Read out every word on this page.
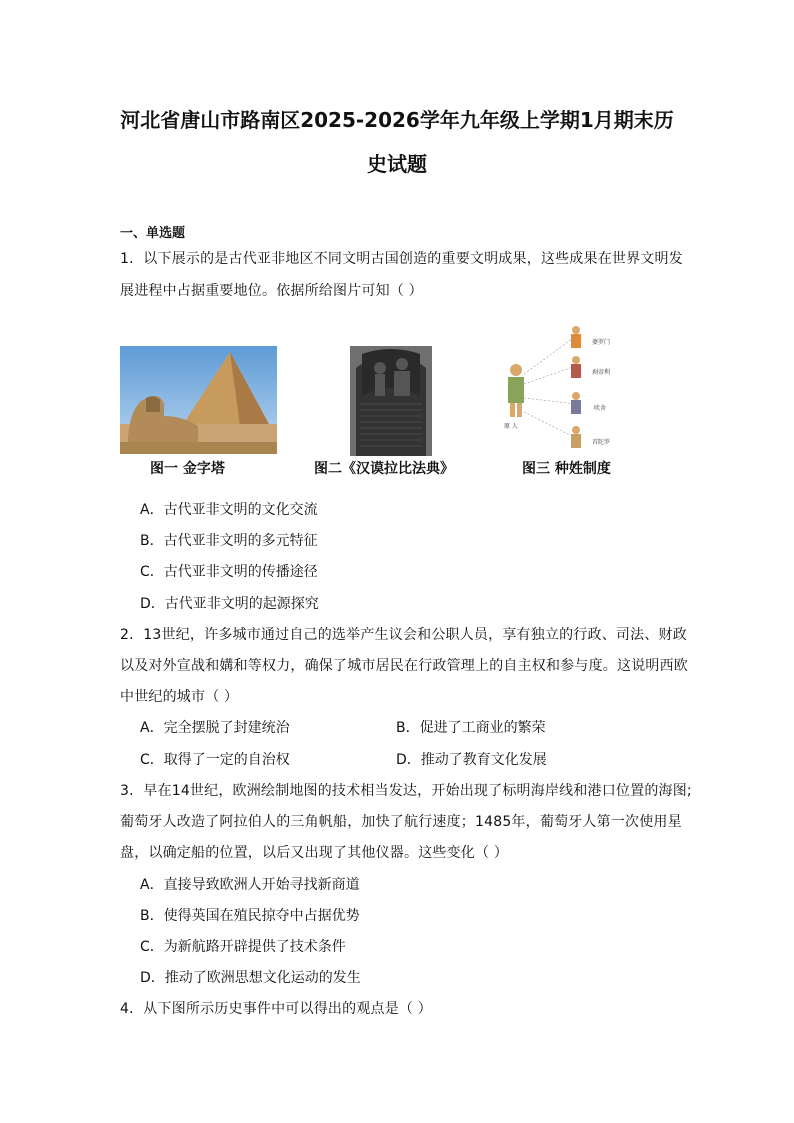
河北省唐山市路南区2025-2026学年九年级上学期1月期末历
史试题
一、单选题
1．以下展示的是古代亚非地区不同文明古国创造的重要文明成果，这些成果在世界文明发
展进程中占据重要地位。依据所给图片可知（ ）
婆罗门
刹帝利
吠舍
首陀罗
原 人
图一 金字塔	图二《汉谟拉比法典》	图三 种姓制度
A．古代亚非文明的文化交流
B．古代亚非文明的多元特征
C．古代亚非文明的传播途径
D．古代亚非文明的起源探究
2．13世纪，许多城市通过自己的选举产生议会和公职人员，享有独立的行政、司法、财政
以及对外宣战和媾和等权力，确保了城市居民在行政管理上的自主权和参与度。这说明西欧
中世纪的城市（ ）
A．完全摆脱了封建统治	B．促进了工商业的繁荣
C．取得了一定的自治权	D．推动了教育文化发展
3．早在14世纪，欧洲绘制地图的技术相当发达，开始出现了标明海岸线和港口位置的海图;
葡萄牙人改造了阿拉伯人的三角帆船，加快了航行速度；1485年，葡萄牙人第一次使用星
盘，以确定船的位置，以后又出现了其他仪器。这些变化（ ）
A．直接导致欧洲人开始寻找新商道
B．使得英国在殖民掠夺中占据优势
C．为新航路开辟提供了技术条件
D．推动了欧洲思想文化运动的发生
4．从下图所示历史事件中可以得出的观点是（ ）
